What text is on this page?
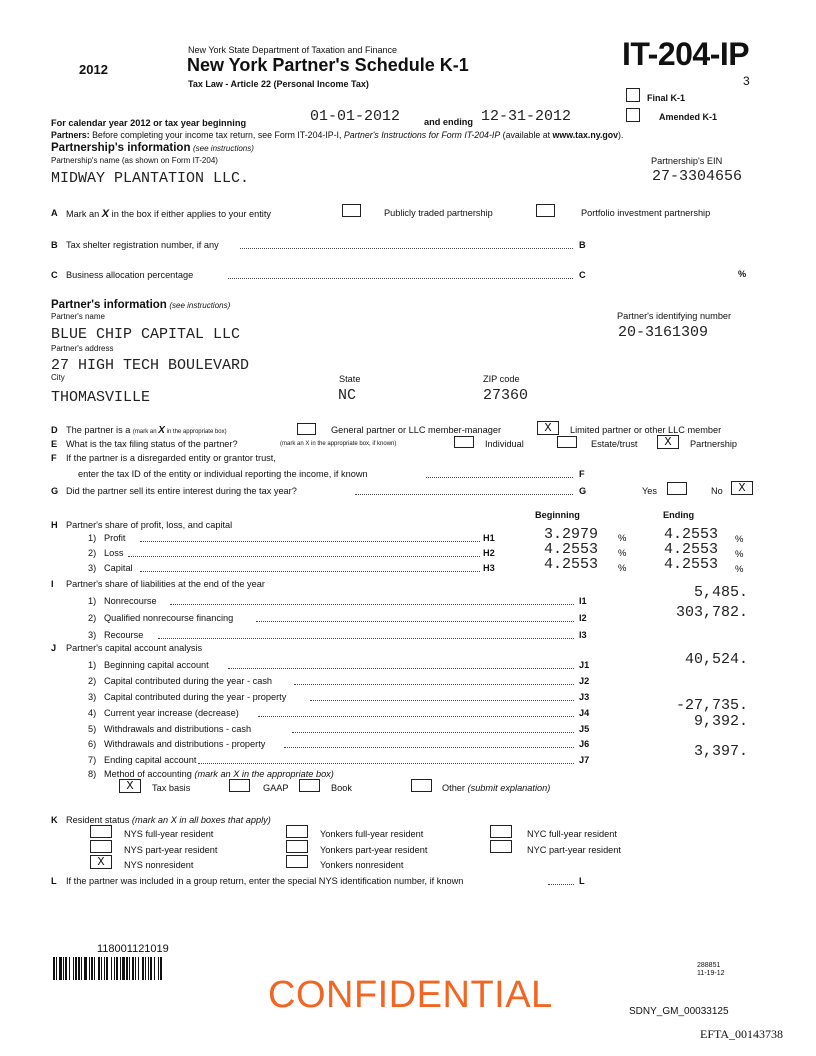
2012
New York State Department of Taxation and Finance
New York Partner's Schedule K-1
Tax Law - Article 22 (Personal Income Tax)
IT-204-IP
3
Final K-1
Amended K-1
For calendar year 2012 or tax year beginning	01-01-2012	and ending 12-31-2012
Partners: Before completing your income tax return, see Form IT-204-IP-I, Partner's Instructions for Form IT-204-IP (available at www.tax.ny.gov).
Partnership's information (see instructions)
Partnership's name (as shown on Form IT-204)
MIDWAY PLANTATION LLC.
Partnership's EIN
27-3304656
A Mark an X in the box if either applies to your entity	Publicly traded partnership	Portfolio investment partnership
B Tax shelter registration number, if any	B
C Business allocation percentage	C	%
Partner's information (see instructions)
Partner's name
BLUE CHIP CAPITAL LLC
Partner's identifying number
20-3161309
Partner's address
27 HIGH TECH BOULEVARD
City	State	ZIP code
THOMASVILLE	NC	27360
D The partner is a (mark an X in the appropriate box)	General partner or LLC member-manager	X	Limited partner or other LLC member
E What is the tax filing status of the partner?	(mark an X in the appropriate box, if known)	Individual	Estate/trust	X	Partnership
F If the partner is a disregarded entity or grantor trust,
enter the tax ID of the entity or individual reporting the income, if known	F
G Did the partner sell its entire interest during the tax year?	G	Yes	No	X
H Partner's share of profit, loss, and capital
Beginning	Ending
1) Profit	H1	3.2979 %	4.2553 %
2) Loss	H2	4.2553 %	4.2553 %
3) Capital	H3	4.2553 %	4.2553 %
I Partner's share of liabilities at the end of the year
1) Nonrecourse	I1	5,485.
2) Qualified nonrecourse financing	I2	303,782.
3) Recourse	I3
J Partner's capital account analysis
1) Beginning capital account	J1	40,524.
2) Capital contributed during the year - cash	J2
3) Capital contributed during the year - property	J3
4) Current year increase (decrease)	J4	-27,735.
5) Withdrawals and distributions - cash	J5	9,392.
6) Withdrawals and distributions - property	J6
7) Ending capital account	J7	3,397.
8) Method of accounting (mark an X in the appropriate box)
X	Tax basis	GAAP	Book	Other (submit explanation)
K Resident status (mark an X in all boxes that apply)
NYS full-year resident
NYS part-year resident
X	NYS nonresident
Yonkers full-year resident
Yonkers part-year resident
Yonkers nonresident
NYC full-year resident
NYC part-year resident
L If the partner was included in a group return, enter the special NYS identification number, if known	L
118001121019
CONFIDENTIAL
288851
11-19-12
SDNY_GM_00033125
EFTA_00143738
